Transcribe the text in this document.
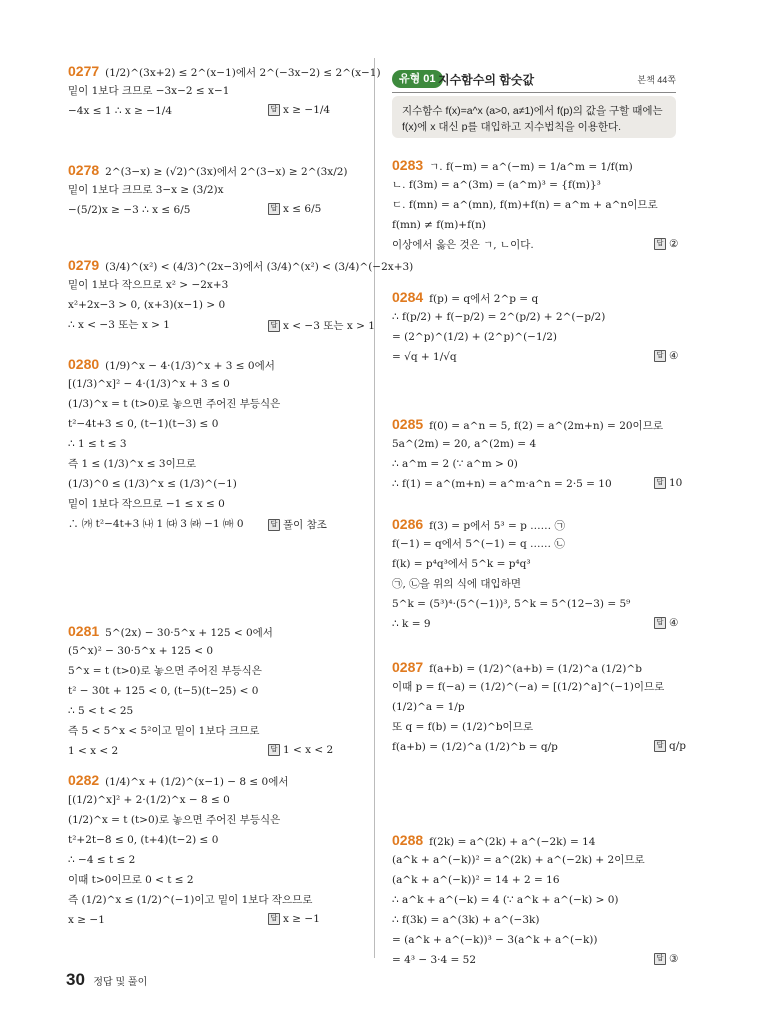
0277 (1/2)^(3x+2) ≤ 2^(x−1)에서 2^(−3x−2) ≤ 2^(x−1)
밑이 1보다 크므로 −3x−2 ≤ x−1
−4x ≤ 1 ∴ x ≥ −1/4	답 x ≥ −1/4
0278 2^(3−x) ≥ (√2)^(3x)에서 2^(3−x) ≥ 2^(3x/2)
밑이 1보다 크므로 3−x ≥ (3/2)x
−(5/2)x ≥ −3 ∴ x ≤ 6/5	답 x ≤ 6/5
0279 (3/4)^(x²) < (4/3)^(2x−3)에서 (3/4)^(x²) < (3/4)^(−2x+3)
밑이 1보다 작으므로 x² > −2x+3
x²+2x−3 > 0, (x+3)(x−1) > 0
∴ x < −3 또는 x > 1	답 x < −3 또는 x > 1
0280 (1/9)^x − 4·(1/3)^x + 3 ≤ 0에서
[(1/3)^x]² − 4·(1/3)^x + 3 ≤ 0
(1/3)^x = t (t>0)로 놓으면 주어진 부등식은
t²−4t+3 ≤ 0, (t−1)(t−3) ≤ 0
∴ 1 ≤ t ≤ 3
즉 1 ≤ (1/3)^x ≤ 3이므로
(1/3)^0 ≤ (1/3)^x ≤ (1/3)^(−1)
밑이 1보다 작으므로 −1 ≤ x ≤ 0
∴ ㈎ t²−4t+3 ㈏ 1 ㈐ 3 ㈑ −1 ㈒ 0	답 풀이 참조
0281 5^(2x) − 30·5^x + 125 < 0에서
(5^x)² − 30·5^x + 125 < 0
5^x = t (t>0)로 놓으면 주어진 부등식은
t² − 30t + 125 < 0, (t−5)(t−25) < 0
∴ 5 < t < 25
즉 5 < 5^x < 5²이고 밑이 1보다 크므로
1 < x < 2	답 1 < x < 2
0282 (1/4)^x + (1/2)^(x−1) − 8 ≤ 0에서
[(1/2)^x]² + 2·(1/2)^x − 8 ≤ 0
(1/2)^x = t (t>0)로 놓으면 주어진 부등식은
t²+2t−8 ≤ 0, (t+4)(t−2) ≤ 0
∴ −4 ≤ t ≤ 2
이때 t>0이므로 0 < t ≤ 2
즉 (1/2)^x ≤ (1/2)^(−1)이고 밑이 1보다 작으므로
x ≥ −1	답 x ≥ −1
유형 01 지수함수의 함숫값	본책 44쪽
지수함수 f(x)=a^x (a>0, a≠1)에서 f(p)의 값을 구할 때에는
f(x)에 x 대신 p를 대입하고 지수법칙을 이용한다.
0283 ㄱ. f(−m) = a^(−m) = 1/a^m = 1/f(m)
ㄴ. f(3m) = a^(3m) = (a^m)³ = {f(m)}³
ㄷ. f(mn) = a^(mn), f(m)+f(n) = a^m + a^n이므로
f(mn) ≠ f(m)+f(n)
이상에서 옳은 것은 ㄱ, ㄴ이다.	답 ②
0284 f(p) = q에서 2^p = q
∴ f(p/2) + f(−p/2) = 2^(p/2) + 2^(−p/2)
= (2^p)^(1/2) + (2^p)^(−1/2)
= √q + 1/√q	답 ④
0285 f(0) = a^n = 5, f(2) = a^(2m+n) = 20이므로
5a^(2m) = 20, a^(2m) = 4
∴ a^m = 2 (∵ a^m > 0)
∴ f(1) = a^(m+n) = a^m·a^n = 2·5 = 10	답 10
0286 f(3) = p에서 5³ = p …… ㉠
f(−1) = q에서 5^(−1) = q …… ㉡
f(k) = p⁴q³에서 5^k = p⁴q³
㉠, ㉡을 위의 식에 대입하면
5^k = (5³)⁴·(5^(−1))³, 5^k = 5^(12−3) = 5⁹
∴ k = 9	답 ④
0287 f(a+b) = (1/2)^(a+b) = (1/2)^a (1/2)^b
이때 p = f(−a) = (1/2)^(−a) = [(1/2)^a]^(−1)이므로
(1/2)^a = 1/p
또 q = f(b) = (1/2)^b이므로
f(a+b) = (1/2)^a (1/2)^b = q/p	답 q/p
0288 f(2k) = a^(2k) + a^(−2k) = 14
(a^k + a^(−k))² = a^(2k) + a^(−2k) + 2이므로
(a^k + a^(−k))² = 14 + 2 = 16
∴ a^k + a^(−k) = 4 (∵ a^k + a^(−k) > 0)
∴ f(3k) = a^(3k) + a^(−3k)
= (a^k + a^(−k))³ − 3(a^k + a^(−k))
= 4³ − 3·4 = 52	답 ③
30 정답 및 풀이
